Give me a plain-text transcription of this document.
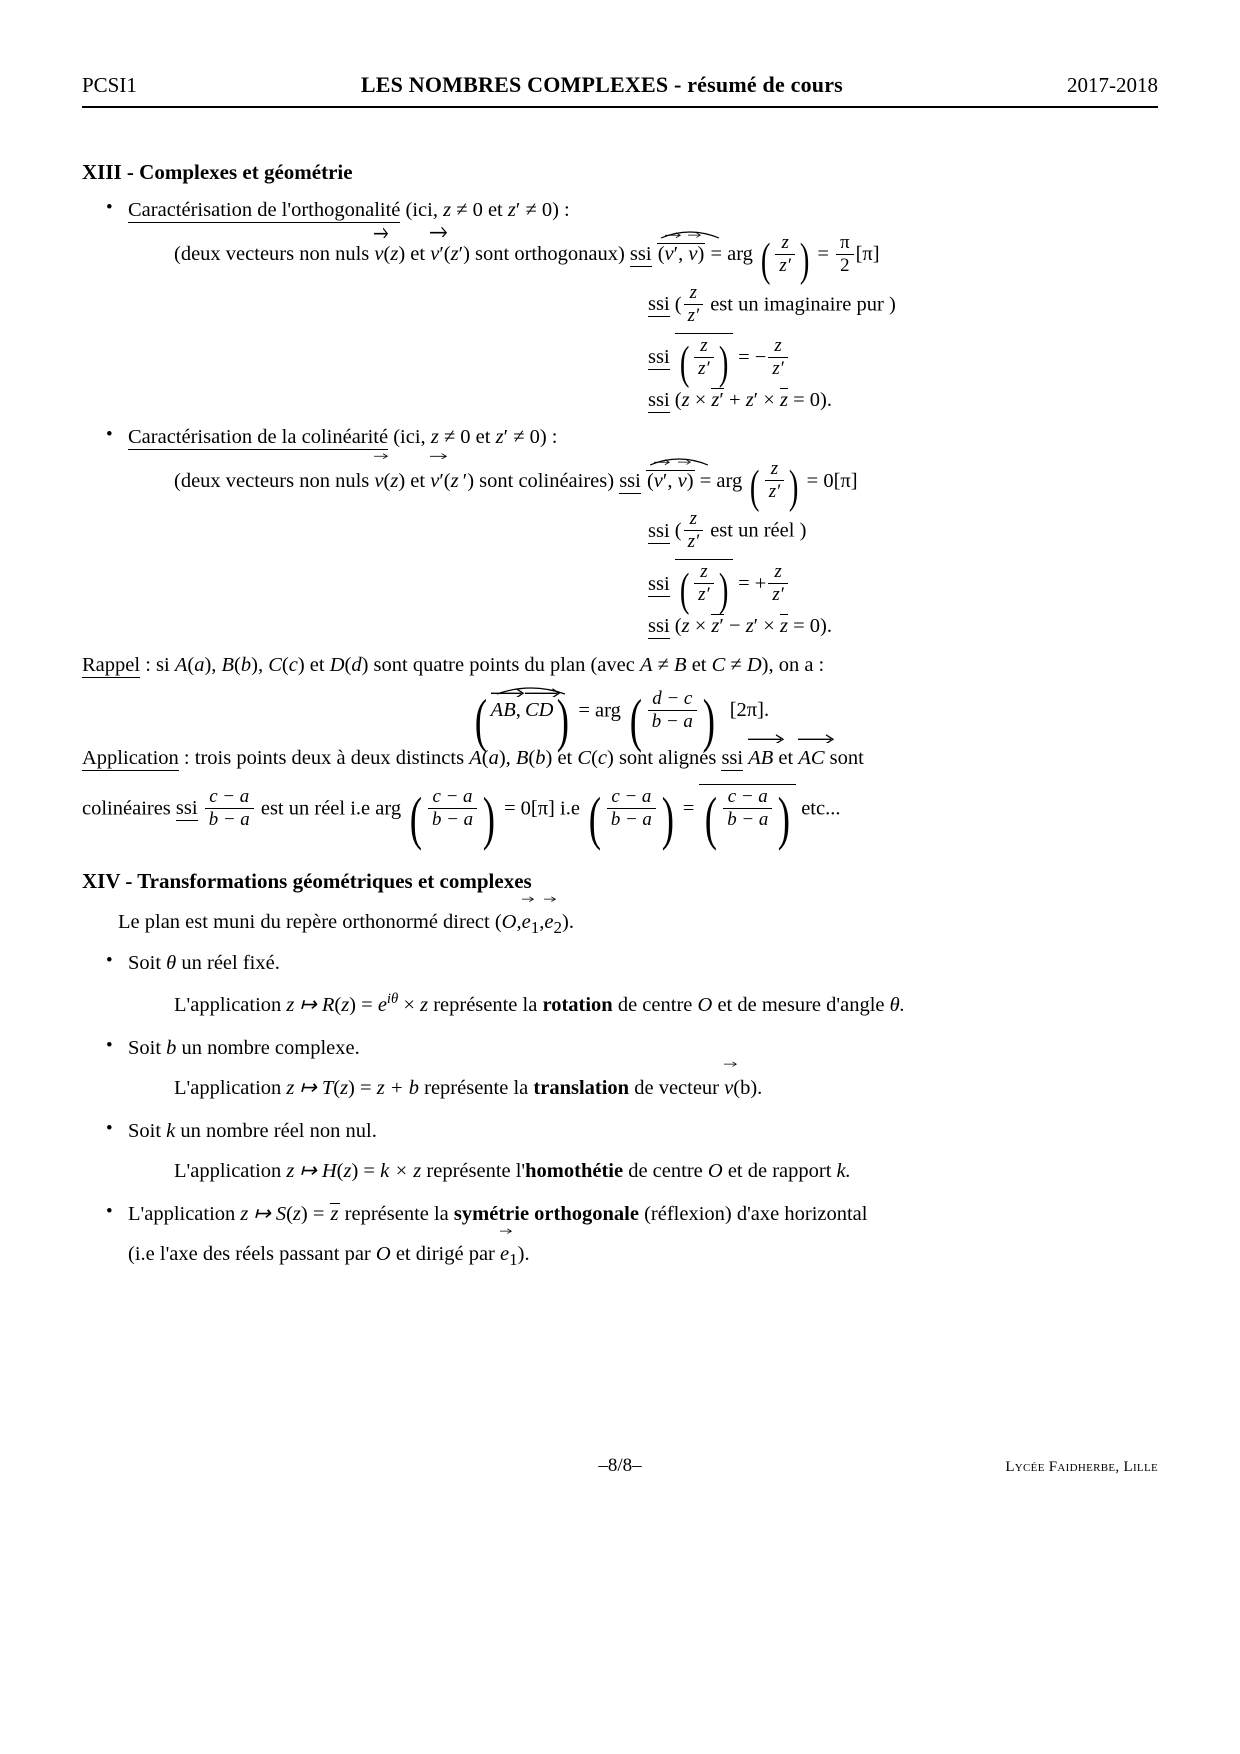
PCSI1	LES NOMBRES COMPLEXES - résumé de cours	2017-2018
XIII - Complexes et géométrie
• Caractérisation de l'orthogonalité (ici, z ≠ 0 et z′ ≠ 0) :
(deux vecteurs non nuls
v(z) et
v′(z′) sont orthogonaux) ssi (
v′,
v) = arg ( $\frac{z}{z'}$ ) = $\frac{\pi}{2} [\pi]$
ssi ( $\frac{z}{z'}$ est un imaginaire pur )
ssi ( $\frac{z}{z'}$ ) = − $\frac{z}{z'}$
ssi (z × z′ + z′ × z = 0).
• Caractérisation de la colinéarité (ici, z ≠ 0 et z′ ≠ 0) :
(deux vecteurs non nuls
v(z) et
v′(z ′) sont colinéaires) ssi (
v′,
v) = arg ( $\frac{z}{z'}$ ) = 0[π]
ssi ( $\frac{z}{z'}$ est un réel )
ssi ( $\frac{z}{z'}$ ) = + $\frac{z}{z'}$
ssi (z × z′ − z′ × z = 0).
Rappel : si A(a), B(b), C(c) et D(d) sont quatre points du plan (avec A ≠ B et C ≠ D), on a :
( AB, 
CD) = arg ( $\frac{d - c}{b - a}$ ) [2π].
Application : trois points deux à deux distincts A(a), B(b) et C(c) sont alignés ssi AB et AC sont
colinéaires ssi $\frac{c - a}{b - a}$ est un réel i.e arg ( $\frac{c - a}{b - a}$ ) = 0[π] i.e ( $\frac{c - a}{b - a}$ ) = ( $\frac{c - a}{b - a}$ ) etc...
XIV - Transformations géométriques et complexes
Le plan est muni du repère orthonormé direct (O,
$e_1$,
$e_2$).
• Soit θ un réel fixé.
L'application z ↦ $R(z) = e^{i\theta} \times z$ représente la rotation de centre O et de mesure d'angle θ.
• Soit b un nombre complexe.
L'application z ↦ T(z) = z + b représente la translation de vecteur v(b).
• Soit k un nombre réel non nul.
L'application z ↦ H(z) = k × z représente l'homothétie de centre O et de rapport k.
• L'application z ↦ S(z) = z représente la symétrie orthogonale (réflexion) d'axe horizontal
(i.e l'axe des réels passant par O et dirigé par $e_1$).
–8/8–	Lycée Faidherbe, Lille
